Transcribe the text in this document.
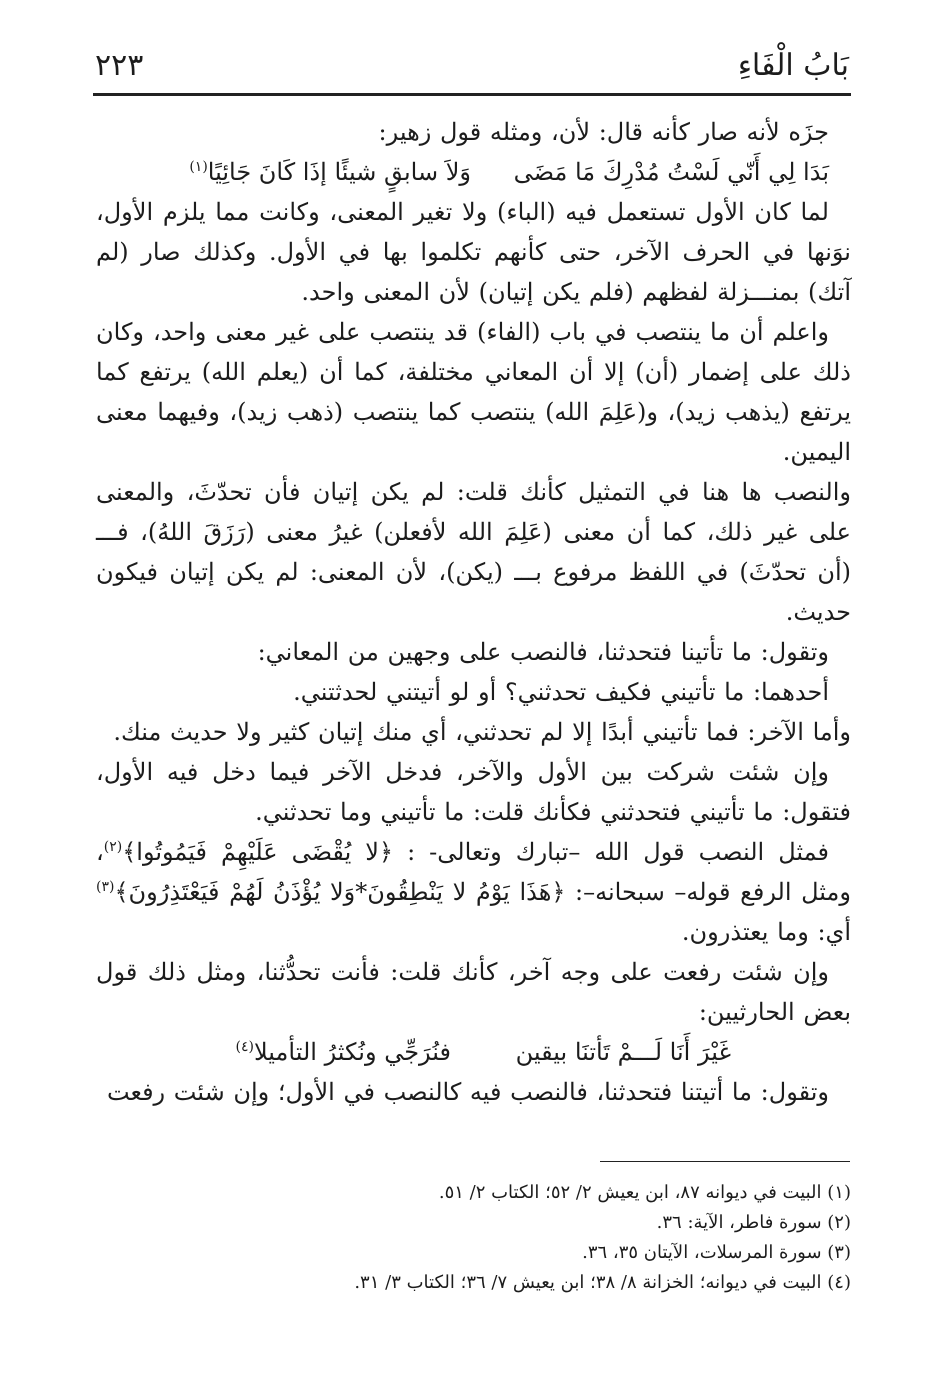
بَابُ الْفَاءِ
٢٢٣

جزَه لأنه صار كأنه قال: لأن، ومثله قول زهير:

بَدَا لِي أَنّي لَسْتُ مُدْرِكَ مَا مَضَى
وَلاَ سابقٍ شيئًا إذَا كَانَ جَائِيًا$^{(١)}$

لما كان الأول تستعمل فيه (الباء) ولا تغير المعنى، وكانت مما يلزم الأول، نوَنها في الحرف الآخر، حتى كأنهم تكلموا بها في الأول. وكذلك صار (لم آتك) بمنـــزلة لفظهم (فلم يكن إتيان) لأن المعنى واحد.

واعلم أن ما ينتصب في باب (الفاء) قد ينتصب على غير معنى واحد، وكان ذلك على إضمار (أن) إلا أن المعاني مختلفة، كما أن (يعلم الله) يرتفع كما يرتفع (يذهب زيد)، و(عَلِمَ الله) ينتصب كما ينتصب (ذهب زيد)، وفيهما معنى اليمين.

والنصب ها هنا في التمثيل كأنك قلت: لم يكن إتيان فأن تحدّثَ، والمعنى على غير ذلك، كما أن معنى (عَلِمَ الله لأفعلن) غيرُ معنى (رَزَقَ اللهُ)، فـــ (أن تحدّثَ) في اللفظ مرفوع بـــ (يكن)، لأن المعنى: لم يكن إتيان فيكون حديث.

وتقول: ما تأتينا فتحدثنا، فالنصب على وجهين من المعاني:

أحدهما: ما تأتيني فكيف تحدثني؟ أو لو أتيتني لحدثتني.

وأما الآخر: فما تأتيني أبدًا إلا لم تحدثني، أي منك إتيان كثير ولا حديث منك.

وإن شئت شركت بين الأول والآخر، فدخل الآخر فيما دخل فيه الأول، فتقول: ما تأتيني فتحدثني فكأنك قلت: ما تأتيني وما تحدثني.

فمثل النصب قول الله –تبارك وتعالى- : ﴿لا يُقْضَى عَلَيْهِمْ فَيَمُوتُوا﴾$^{(٢)}$، ومثل الرفع قوله– سبحانه–: ﴿هَذَا يَوْمُ لا يَنْطِقُونَ*وَلا يُؤْذَنُ لَهُمْ فَيَعْتَذِرُونَ﴾$^{(٣)}$ أي: وما يعتذرون.

وإن شئت رفعت على وجه آخر، كأنك قلت: فأنت تحدُّثنا، ومثل ذلك قول بعض الحارثيين:

غَيْرَ أَنَا لَـــمْ تَأتنَا بيقين
فنُرَجِّي ونُكثرُ التأميلا$^{(٤)}$

وتقول: ما أتيتنا فتحدثنا، فالنصب فيه كالنصب في الأول؛ وإن شئت رفعت

(١) البيت في ديوانه ٨٧، ابن يعيش ٢/ ٥٢؛ الكتاب ٢/ ٥١.

(٢) سورة فاطر، الآية: ٣٦.

(٣) سورة المرسلات، الآيتان ٣٥، ٣٦.

(٤) البيت في ديوانه؛ الخزانة ٨/ ٣٨؛ ابن يعيش ٧/ ٣٦؛ الكتاب ٣/ ٣١.
